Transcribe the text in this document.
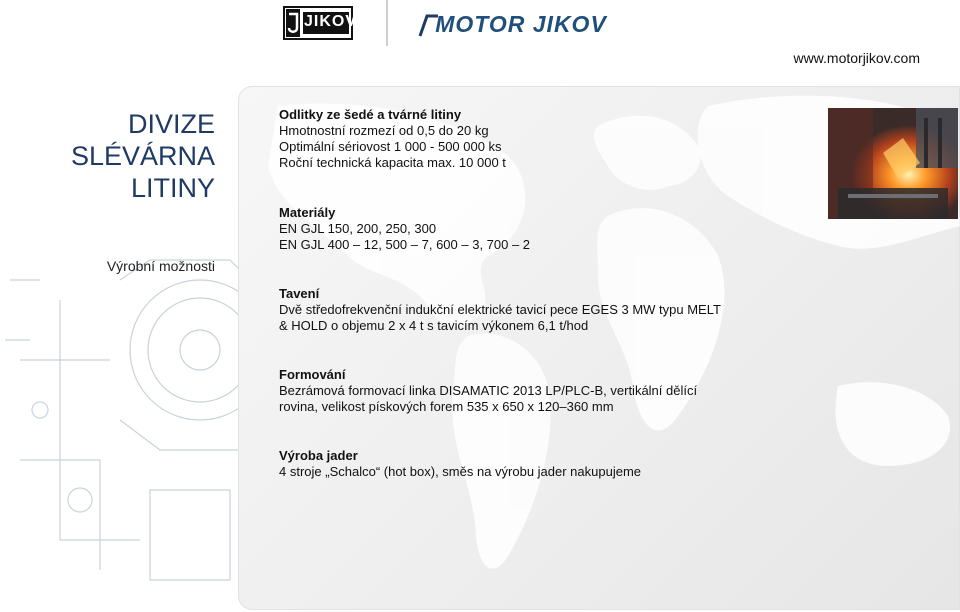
JIKOV	MOTOR JIKOV
www.motorjikov.com
DIVIZE
SLÉVÁRNA
LITINY
Výrobní možnosti
Odlitky ze šedé a tvárné litiny
Hmotnostní rozmezí od 0,5 do 20 kg
Optimální sériovost 1 000 - 500 000 ks
Roční technická kapacita max. 10 000 t
Materiály
EN GJL 150, 200, 250, 300
EN GJL 400 – 12, 500 – 7, 600 – 3, 700 – 2
Tavení
Dvě středofrekvenční indukční elektrické tavicí pece EGES 3 MW typu MELT
& HOLD o objemu 2 x 4 t s tavicím výkonem 6,1 t/hod
Formování
Bezrámová formovací linka DISAMATIC 2013 LP/PLC-B, vertikální dělící
rovina, velikost pískových forem 535 x 650 x 120–360 mm
Výroba jader
4 stroje „Schalco“ (hot box), směs na výrobu jader nakupujeme
